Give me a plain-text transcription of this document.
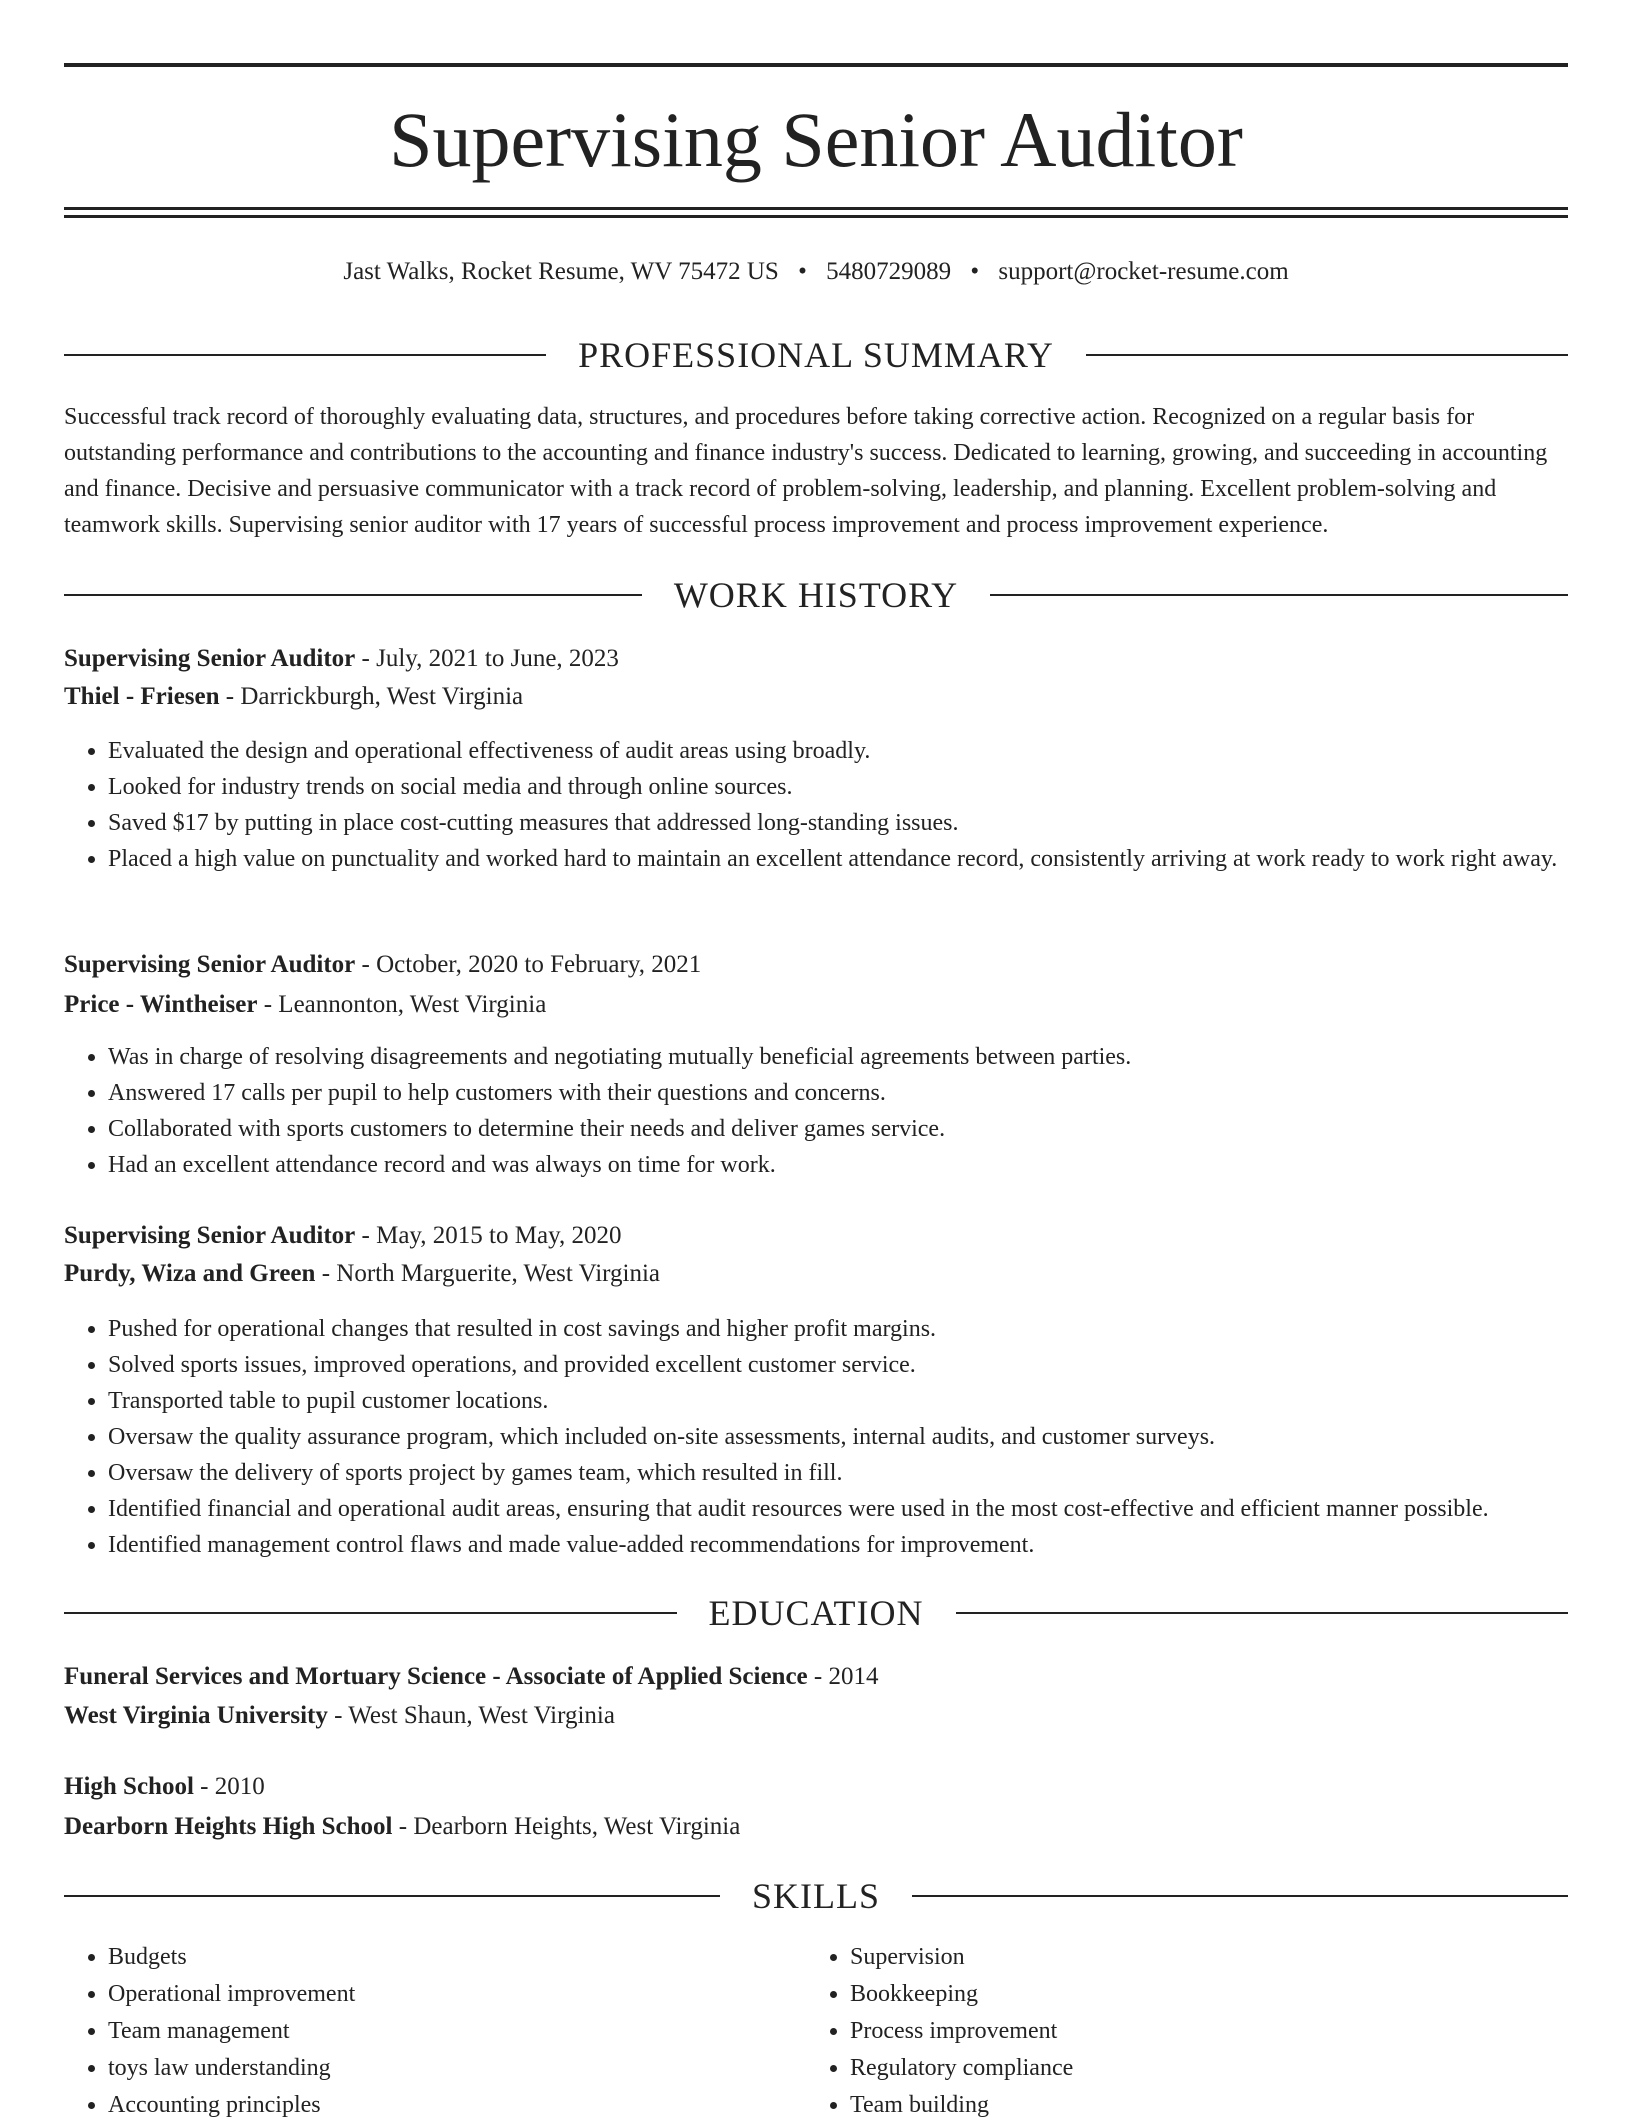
Supervising Senior Auditor
Jast Walks, Rocket Resume, WV 75472 US • 5480729089 • support@rocket-resume.com
PROFESSIONAL SUMMARY

Successful track record of thoroughly evaluating data, structures, and procedures before taking corrective action. Recognized on a regular basis for outstanding performance and contributions to the accounting and finance industry's success. Dedicated to learning, growing, and succeeding in accounting and finance. Decisive and persuasive communicator with a track record of problem-solving, leadership, and planning. Excellent problem-solving and teamwork skills. Supervising senior auditor with 17 years of successful process improvement and process improvement experience.

WORK HISTORY

Supervising Senior Auditor - July, 2021 to June, 2023

Thiel - Friesen - Darrickburgh, West Virginia

• Evaluated the design and operational effectiveness of audit areas using broadly.
• Looked for industry trends on social media and through online sources.
• Saved $17 by putting in place cost-cutting measures that addressed long-standing issues.
• Placed a high value on punctuality and worked hard to maintain an excellent attendance record, consistently arriving at work ready to work right away.

Supervising Senior Auditor - October, 2020 to February, 2021

Price - Wintheiser - Leannonton, West Virginia

• Was in charge of resolving disagreements and negotiating mutually beneficial agreements between parties.
• Answered 17 calls per pupil to help customers with their questions and concerns.
• Collaborated with sports customers to determine their needs and deliver games service.
• Had an excellent attendance record and was always on time for work.

Supervising Senior Auditor - May, 2015 to May, 2020

Purdy, Wiza and Green - North Marguerite, West Virginia

• Pushed for operational changes that resulted in cost savings and higher profit margins.
• Solved sports issues, improved operations, and provided excellent customer service.
• Transported table to pupil customer locations.
• Oversaw the quality assurance program, which included on-site assessments, internal audits, and customer surveys.
• Oversaw the delivery of sports project by games team, which resulted in fill.
• Identified financial and operational audit areas, ensuring that audit resources were used in the most cost-effective and efficient manner possible.
• Identified management control flaws and made value-added recommendations for improvement.
EDUCATION

Funeral Services and Mortuary Science - Associate of Applied Science - 2014

West Virginia University - West Shaun, West Virginia

High School - 2010

Dearborn Heights High School - Dearborn Heights, West Virginia

SKILLS
• Budgets
• Operational improvement
• Team management
• toys law understanding
• Accounting principles
• Supervision
• Bookkeeping
• Process improvement
• Regulatory compliance
• Team building
